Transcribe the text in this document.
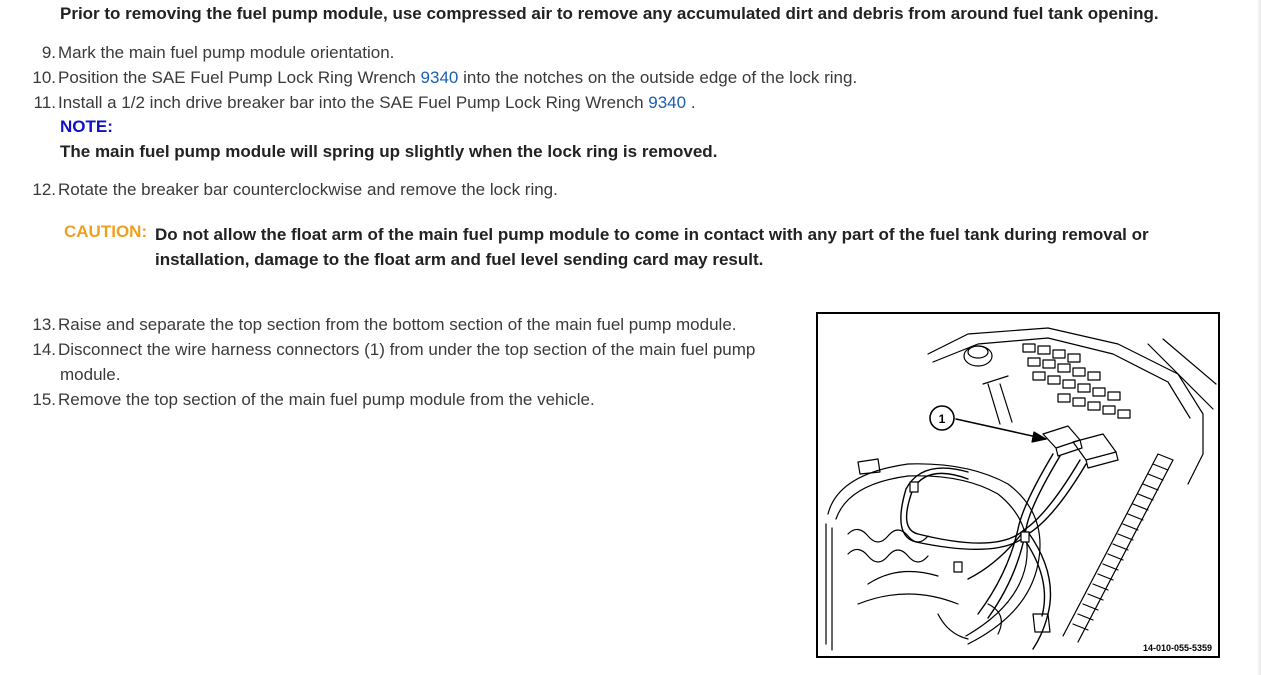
Prior to removing the fuel pump module, use compressed air to remove any accumulated dirt and debris from around fuel tank opening.
9. Mark the main fuel pump module orientation.
10. Position the SAE Fuel Pump Lock Ring Wrench 9340 into the notches on the outside edge of the lock ring.
11. Install a 1/2 inch drive breaker bar into the SAE Fuel Pump Lock Ring Wrench 9340 .
NOTE:
The main fuel pump module will spring up slightly when the lock ring is removed.
12. Rotate the breaker bar counterclockwise and remove the lock ring.
CAUTION: Do not allow the float arm of the main fuel pump module to come in contact with any part of the fuel tank during removal or installation, damage to the float arm and fuel level sending card may result.
13. Raise and separate the top section from the bottom section of the main fuel pump module.
14. Disconnect the wire harness connectors (1) from under the top section of the main fuel pump
module.
15. Remove the top section of the main fuel pump module from the vehicle.
1
14-010-055-5359
